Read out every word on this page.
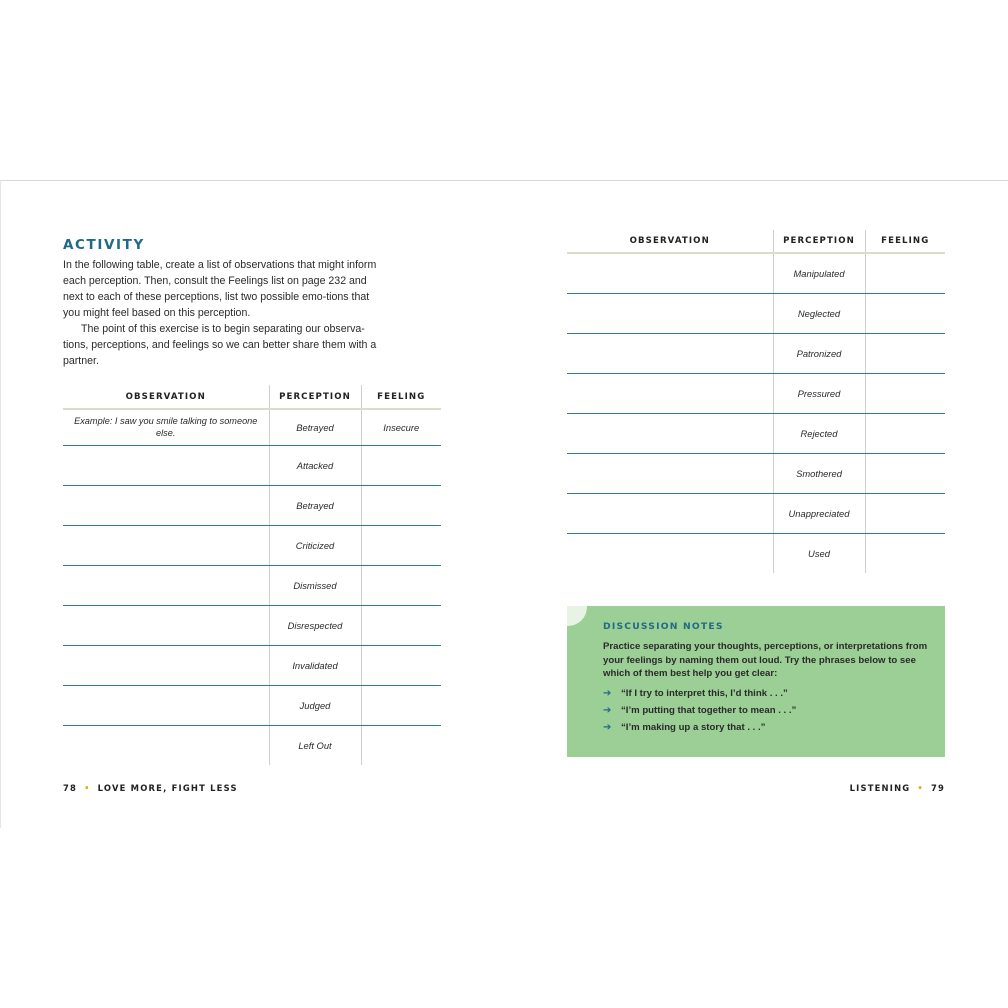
ACTIVITY

In the following table, create a list of observations that might inform each perception. Then, consult the Feelings list on page 232 and next to each of these perceptions, list two possible emo-tions that you might feel based on this perception.

The point of this exercise is to begin separating our observa-tions, perceptions, and feelings so we can better share them with a partner.

OBSERVATION	PERCEPTION	FEELING
Example: I saw you smile talking to someone else.	Betrayed	Insecure
	Attacked	
	Betrayed	
	Criticized	
	Dismissed	
	Disrespected	
	Invalidated	
	Judged	
	Left Out	
78 • LOVE MORE, FIGHT LESS
OBSERVATION	PERCEPTION	FEELING
	Manipulated	
	Neglected	
	Patronized	
	Pressured	
	Rejected	
	Smothered	
	Unappreciated	
	Used	
DISCUSSION NOTES
Practice separating your thoughts, perceptions, or interpretations from your feelings by naming them out loud. Try the phrases below to see which of them best help you get clear:
➔	“If I try to interpret this, I’d think . . .”
➔	“I’m putting that together to mean . . .”
➔	“I’m making up a story that . . .”
LISTENING • 79
